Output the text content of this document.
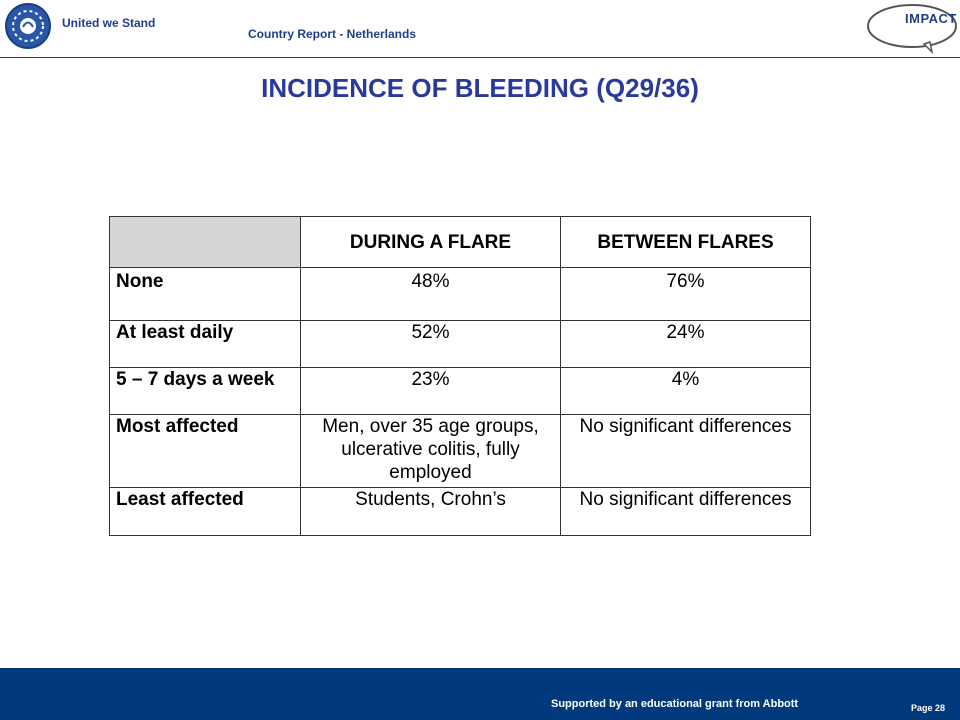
United we Stand
Country Report - Netherlands
IMPACT
INCIDENCE OF BLEEDING (Q29/36)
	DURING A FLARE	BETWEEN FLARES
None	48%	76%
At least daily	52%	24%
5 – 7 days a week	23%	4%
Most affected	Men, over 35 age groups, ulcerative colitis, fully employed	No significant differences
Least affected	Students, Crohn’s	No significant differences
Supported by an educational grant from Abbott	Page 28
